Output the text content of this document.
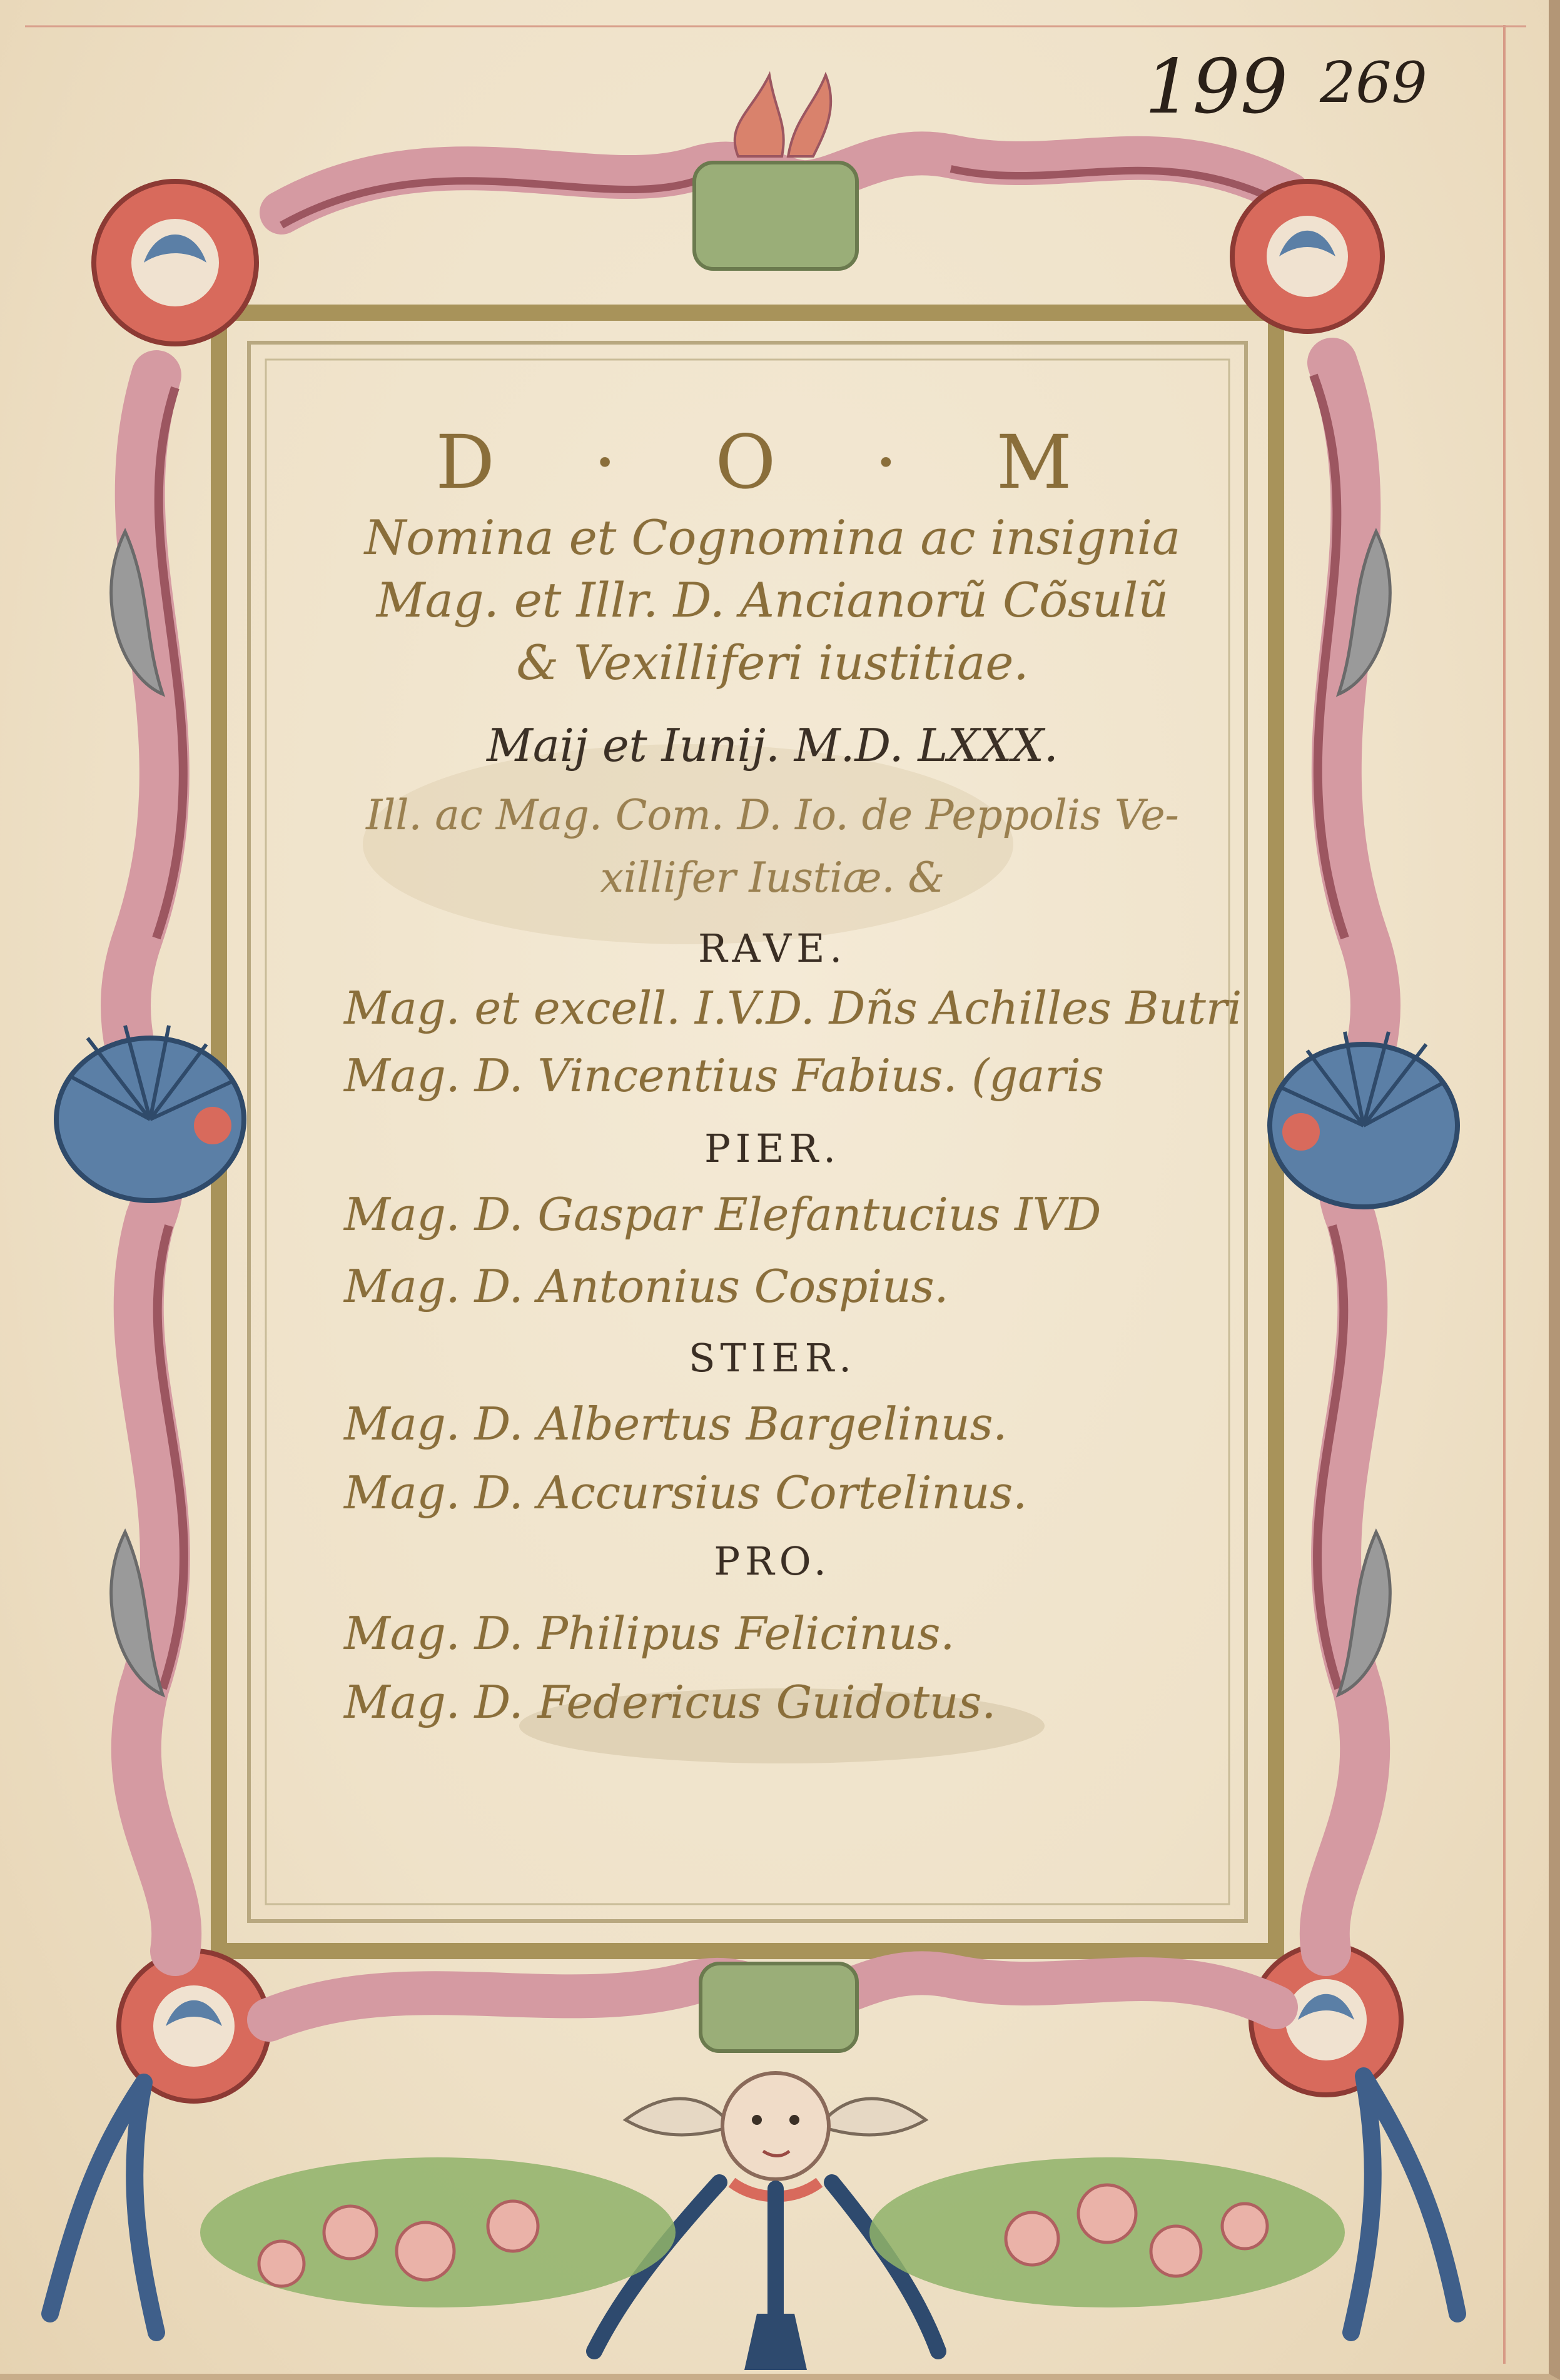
199 269
D · O · M
Nomina et Cognomina ac insignia
Mag. et Illr. D. Ancianorũ Cõsulũ
& Vexilliferi iustitiae.
Maij et Iunij. M.D. LXXX.
Ill. ac Mag. Com. D. Io. de Peppolis Ve-
xillifer Iustiæ. &
RAVE.
Mag. et excell. I.V.D. Dñs Achilles Butri
Mag. D. Vincentius Fabius. (garis
PIER.
Mag. D. Gaspar Elefantucius IVD
Mag. D. Antonius Cospius.
STIER.
Mag. D. Albertus Bargelinus.
Mag. D. Accursius Cortelinus.
PRO.
Mag. D. Philipus Felicinus.
Mag. D. Federicus Guidotus.
